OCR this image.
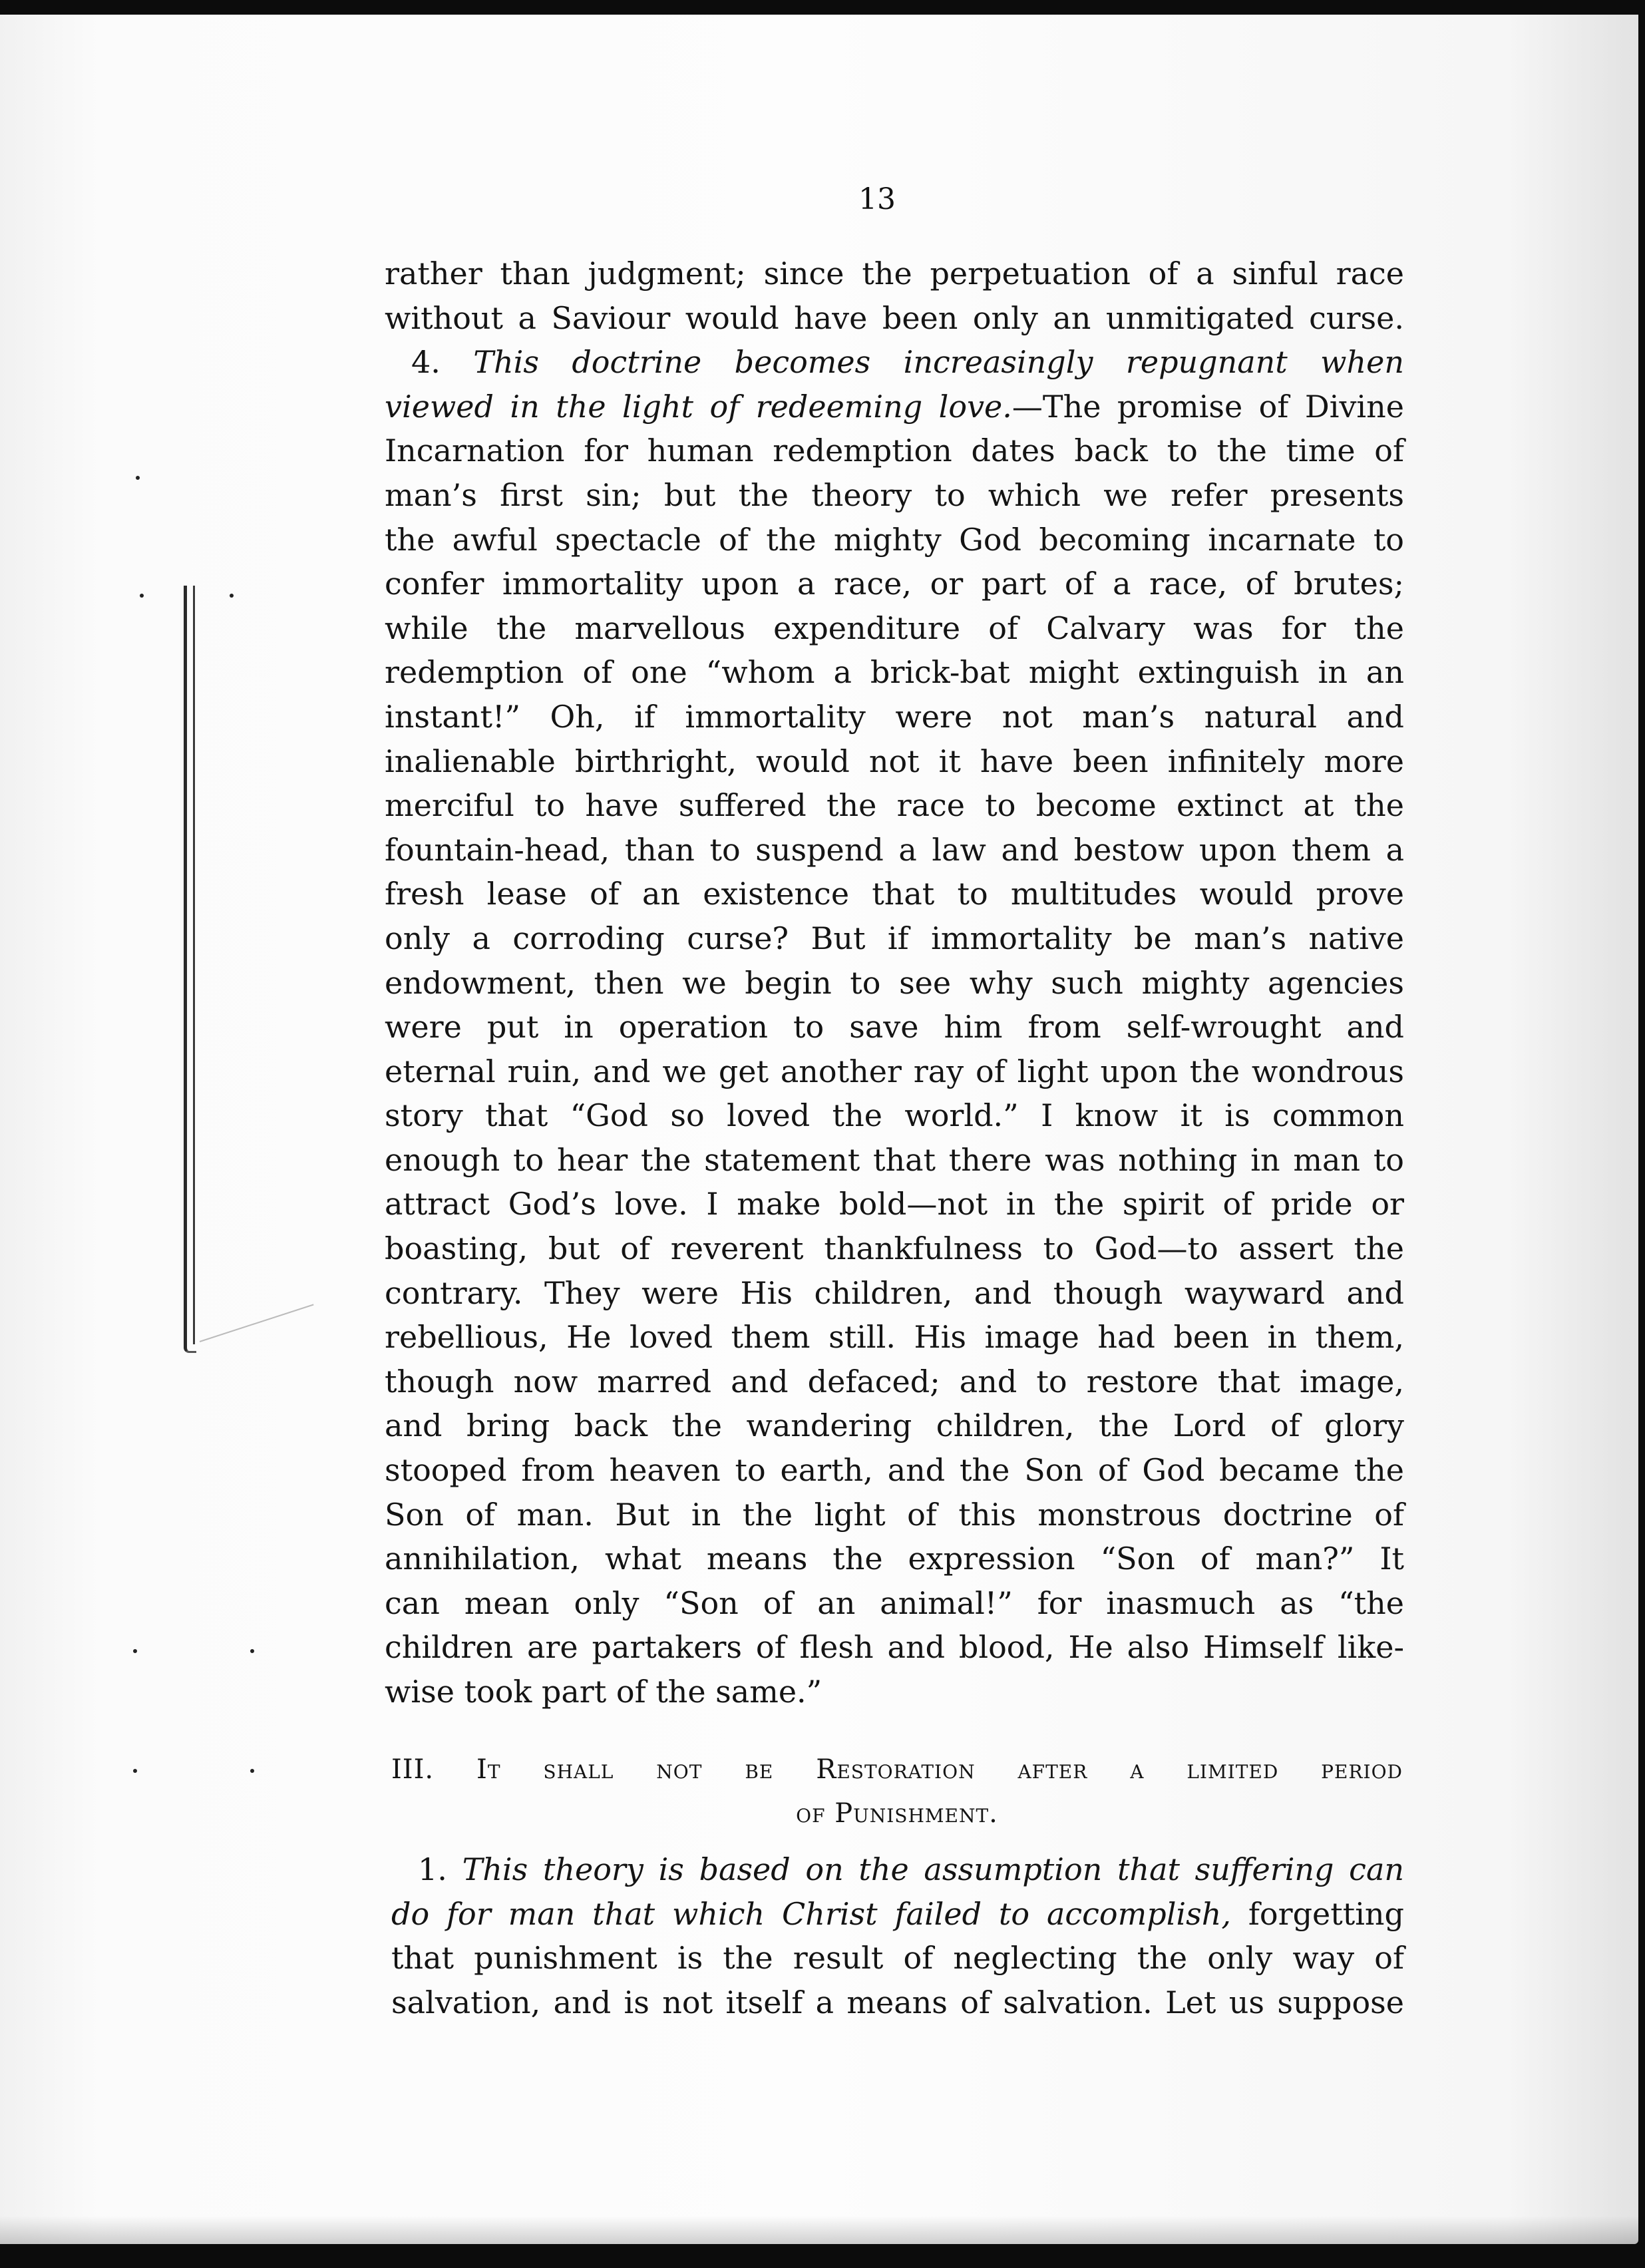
13
rather than judgment; since the perpetuation of a sinful race
without a Saviour would have been only an unmitigated curse.
4. This doctrine becomes increasingly repugnant when
viewed in the light of redeeming love.—The promise of Divine
Incarnation for human redemption dates back to the time of
man’s first sin; but the theory to which we refer presents
the awful spectacle of the mighty God becoming incarnate to
confer immortality upon a race, or part of a race, of brutes;
while the marvellous expenditure of Calvary was for the
redemption of one “whom a brick-bat might extinguish in an
instant!” Oh, if immortality were not man’s natural and
inalienable birthright, would not it have been infinitely more
merciful to have suffered the race to become extinct at the
fountain-head, than to suspend a law and bestow upon them a
fresh lease of an existence that to multitudes would prove
only a corroding curse? But if immortality be man’s native
endowment, then we begin to see why such mighty agencies
were put in operation to save him from self-wrought and
eternal ruin, and we get another ray of light upon the wondrous
story that “God so loved the world.” I know it is common
enough to hear the statement that there was nothing in man to
attract God’s love. I make bold—not in the spirit of pride or
boasting, but of reverent thankfulness to God—to assert the
contrary. They were His children, and though wayward and
rebellious, He loved them still. His image had been in them,
though now marred and defaced; and to restore that image,
and bring back the wandering children, the Lord of glory
stooped from heaven to earth, and the Son of God became the
Son of man. But in the light of this monstrous doctrine of
annihilation, what means the expression “Son of man?” It
can mean only “Son of an animal!” for inasmuch as “the
children are partakers of flesh and blood, He also Himself like-
wise took part of the same.”
III. It shall not be Restoration after a limited period
of Punishment.
1. This theory is based on the assumption that suffering can
do for man that which Christ failed to accomplish, forgetting
that punishment is the result of neglecting the only way of
salvation, and is not itself a means of salvation. Let us suppose
